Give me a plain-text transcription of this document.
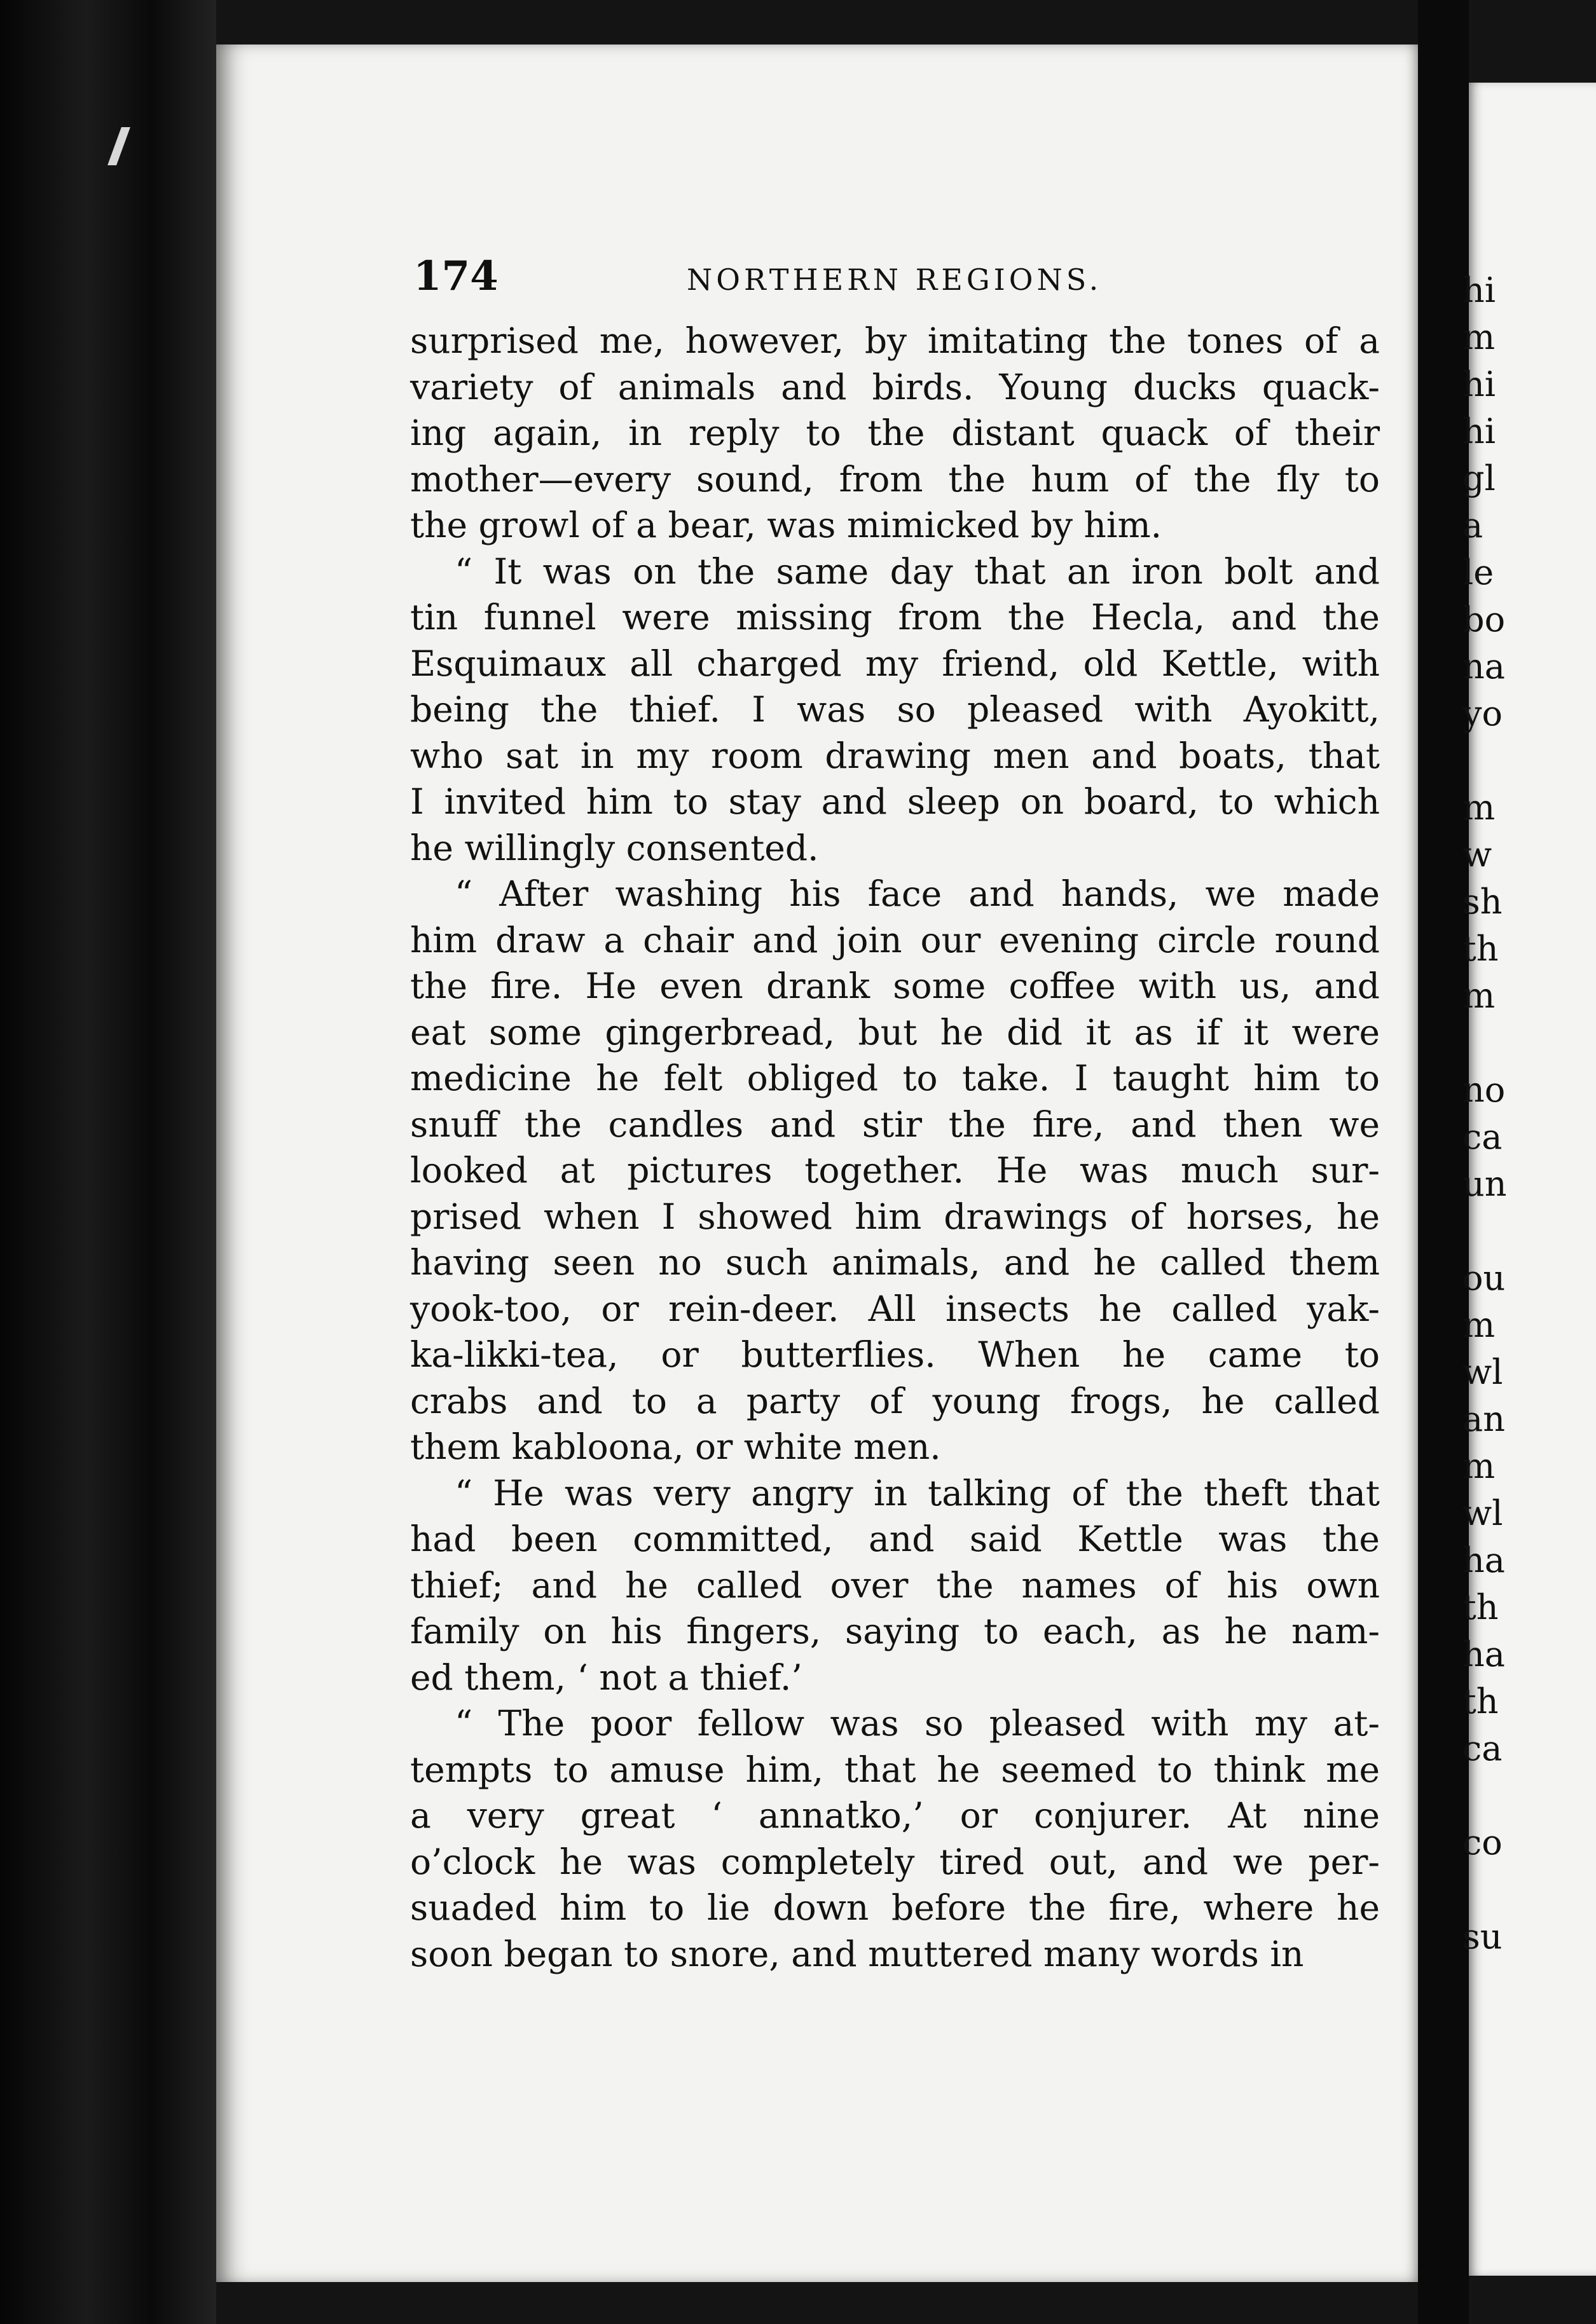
174	NORTHERN REGIONS.
surprised me, however, by imitating the tones of a
variety of animals and birds. Young ducks quack-
ing again, in reply to the distant quack of their
mother—every sound, from the hum of the fly to
the growl of a bear, was mimicked by him.
“ It was on the same day that an iron bolt and
tin funnel were missing from the Hecla, and the
Esquimaux all charged my friend, old Kettle, with
being the thief. I was so pleased with Ayokitt,
who sat in my room drawing men and boats, that
I invited him to stay and sleep on board, to which
he willingly consented.
“ After washing his face and hands, we made
him draw a chair and join our evening circle round
the fire. He even drank some coffee with us, and
eat some gingerbread, but he did it as if it were
medicine he felt obliged to take. I taught him to
snuff the candles and stir the fire, and then we
looked at pictures together. He was much sur-
prised when I showed him drawings of horses, he
having seen no such animals, and he called them
yook-too, or rein-deer. All insects he called yak-
ka-likki-tea, or butterflies. When he came to
crabs and to a party of young frogs, he called
them kabloona, or white men.
“ He was very angry in talking of the theft that
had been committed, and said Kettle was the
thief; and he called over the names of his own
family on his fingers, saying to each, as he nam-
ed them, ‘ not a thief.’
“ The poor fellow was so pleased with my at-
tempts to amuse him, that he seemed to think me
a very great ‘ annatko,’ or conjurer. At nine
o’clock he was completely tired out, and we per-
suaded him to lie down before the fire, where he
soon began to snore, and muttered many words in
hi
m
hi
hi
gl
a
le
bo
na
yo
m
w
sh
th
m
no
ca
un
ou
m
wl
an
m
wl
ha
th
ha
th
ca
co
su
